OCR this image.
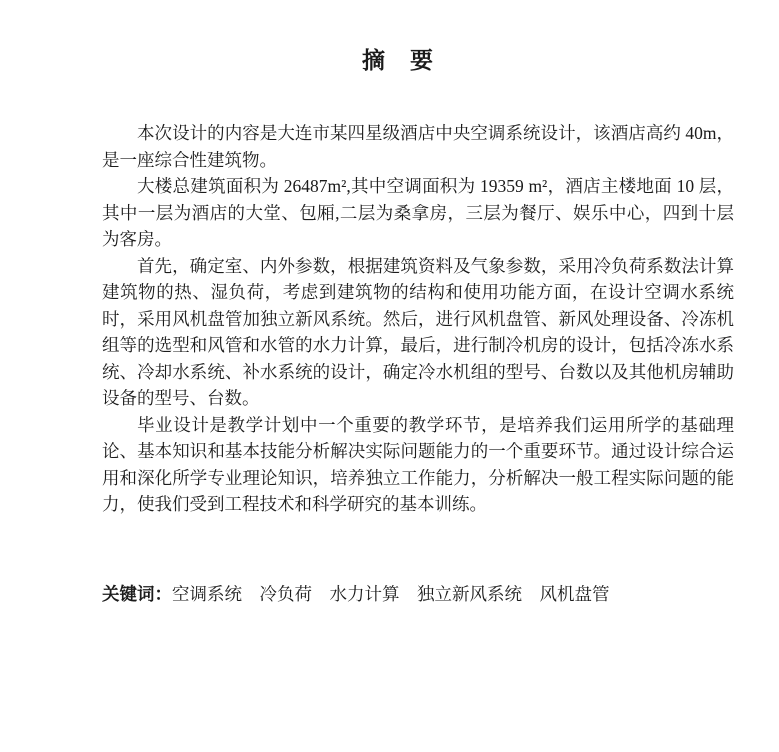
摘　要

本次设计的内容是大连市某四星级酒店中央空调系统设计，该酒店高约 40m，是一座综合性建筑物。

大楼总建筑面积为 26487m²,其中空调面积为 19359 m²，酒店主楼地面 10 层，其中一层为酒店的大堂、包厢,二层为桑拿房，三层为餐厅、娱乐中心，四到十层为客房。

首先，确定室、内外参数，根据建筑资料及气象参数，采用冷负荷系数法计算建筑物的热、湿负荷，考虑到建筑物的结构和使用功能方面，在设计空调水系统时，采用风机盘管加独立新风系统。然后，进行风机盘管、新风处理设备、冷冻机组等的选型和风管和水管的水力计算，最后，进行制冷机房的设计，包括冷冻水系统、冷却水系统、补水系统的设计，确定冷水机组的型号、台数以及其他机房辅助设备的型号、台数。

毕业设计是教学计划中一个重要的教学环节，是培养我们运用所学的基础理论、基本知识和基本技能分析解决实际问题能力的一个重要环节。通过设计综合运用和深化所学专业理论知识，培养独立工作能力，分析解决一般工程实际问题的能力，使我们受到工程技术和科学研究的基本训练。

关键词：空调系统　冷负荷　水力计算　独立新风系统　风机盘管
